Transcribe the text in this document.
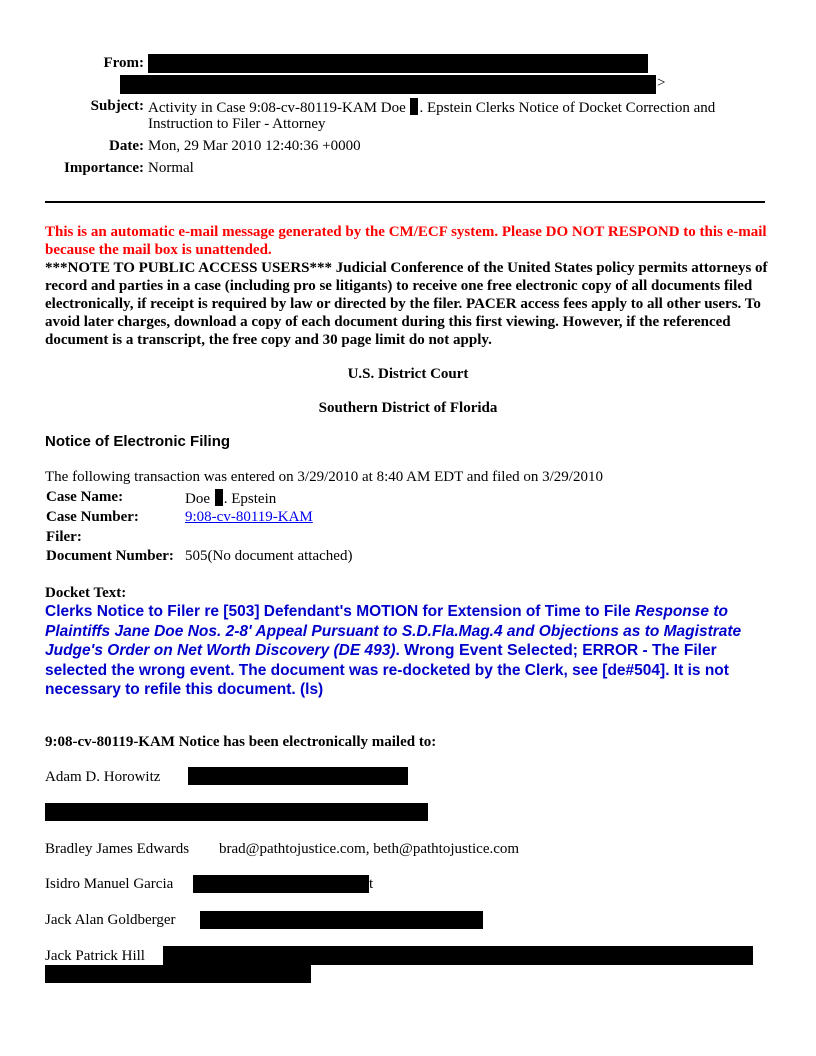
From:
>
Subject: Activity in Case 9:08-cv-80119-KAM Doe . Epstein Clerks Notice of Docket Correction and
Instruction to Filer - Attorney
Date: Mon, 29 Mar 2010 12:40:36 +0000
Importance: Normal
This is an automatic e-mail message generated by the CM/ECF system. Please DO NOT RESPOND to this e-mail because the mail box is unattended.
***NOTE TO PUBLIC ACCESS USERS*** Judicial Conference of the United States policy permits attorneys of record and parties in a case (including pro se litigants) to receive one free electronic copy of all documents filed electronically, if receipt is required by law or directed by the filer. PACER access fees apply to all other users. To avoid later charges, download a copy of each document during this first viewing. However, if the referenced document is a transcript, the free copy and 30 page limit do not apply.
U.S. District Court
Southern District of Florida
Notice of Electronic Filing
The following transaction was entered on 3/29/2010 at 8:40 AM EDT and filed on 3/29/2010
Case Name:	Doe . Epstein
Case Number:	9:08-cv-80119-KAM
Filer:
Document Number: 505(No document attached)
Docket Text:
Clerks Notice to Filer re [503] Defendant's MOTION for Extension of Time to File Response to Plaintiffs Jane Doe Nos. 2-8' Appeal Pursuant to S.D.Fla.Mag.4 and Objections as to Magistrate Judge's Order on Net Worth Discovery (DE 493). Wrong Event Selected; ERROR - The Filer selected the wrong event. The document was re-docketed by the Clerk, see [de#504]. It is not necessary to refile this document. (ls)
9:08-cv-80119-KAM Notice has been electronically mailed to:
Adam D. Horowitz
Bradley James Edwards brad@pathtojustice.com, beth@pathtojustice.com
Isidro Manuel Garcia	t
Jack Alan Goldberger
Jack Patrick Hill
